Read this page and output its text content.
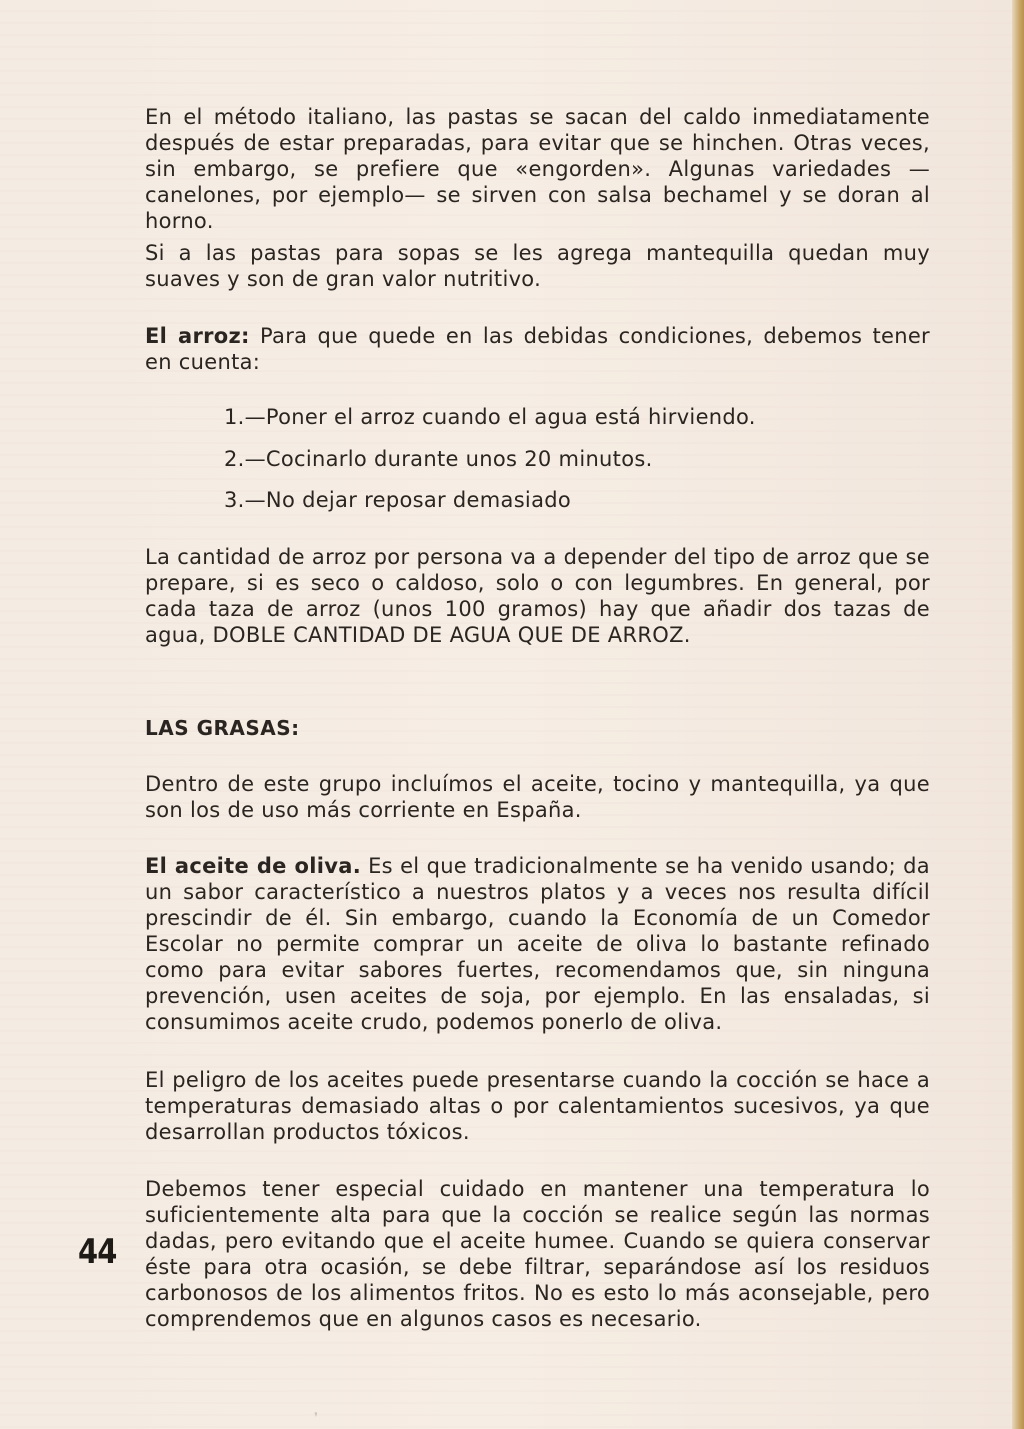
En el método italiano, las pastas se sacan del caldo inmediatamente después de estar preparadas, para evitar que se hinchen. Otras veces, sin embargo, se prefiere que «engorden». Algunas variedades —canelones, por ejemplo— se sirven con salsa bechamel y se doran al horno.

Si a las pastas para sopas se les agrega mantequilla quedan muy suaves y son de gran valor nutritivo.

El arroz: Para que quede en las debidas condiciones, debemos tener en cuenta:

1.—Poner el arroz cuando el agua está hirviendo.
2.—Cocinarlo durante unos 20 minutos.
3.—No dejar reposar demasiado

La cantidad de arroz por persona va a depender del tipo de arroz que se prepare, si es seco o caldoso, solo o con legumbres. En general, por cada taza de arroz (unos 100 gramos) hay que añadir dos tazas de agua, DOBLE CANTIDAD DE AGUA QUE DE ARROZ.

LAS GRASAS:

Dentro de este grupo incluímos el aceite, tocino y mantequilla, ya que son los de uso más corriente en España.

El aceite de oliva. Es el que tradicionalmente se ha venido usando; da un sabor característico a nuestros platos y a veces nos resulta difícil prescindir de él. Sin embargo, cuando la Economía de un Comedor Escolar no permite comprar un aceite de oliva lo bastante refinado como para evitar sabores fuertes, recomendamos que, sin ninguna prevención, usen aceites de soja, por ejemplo. En las ensaladas, si consumimos aceite crudo, podemos ponerlo de oliva.

El peligro de los aceites puede presentarse cuando la cocción se hace a temperaturas demasiado altas o por calentamientos sucesivos, ya que desarrollan productos tóxicos.

Debemos tener especial cuidado en mantener una temperatura lo suficientemente alta para que la cocción se realice según las normas dadas, pero evitando que el aceite humee. Cuando se quiera conservar éste para otra ocasión, se debe filtrar, separándose así los residuos carbonosos de los alimentos fritos. No es esto lo más aconsejable, pero comprendemos que en algunos casos es necesario.

44
❜
